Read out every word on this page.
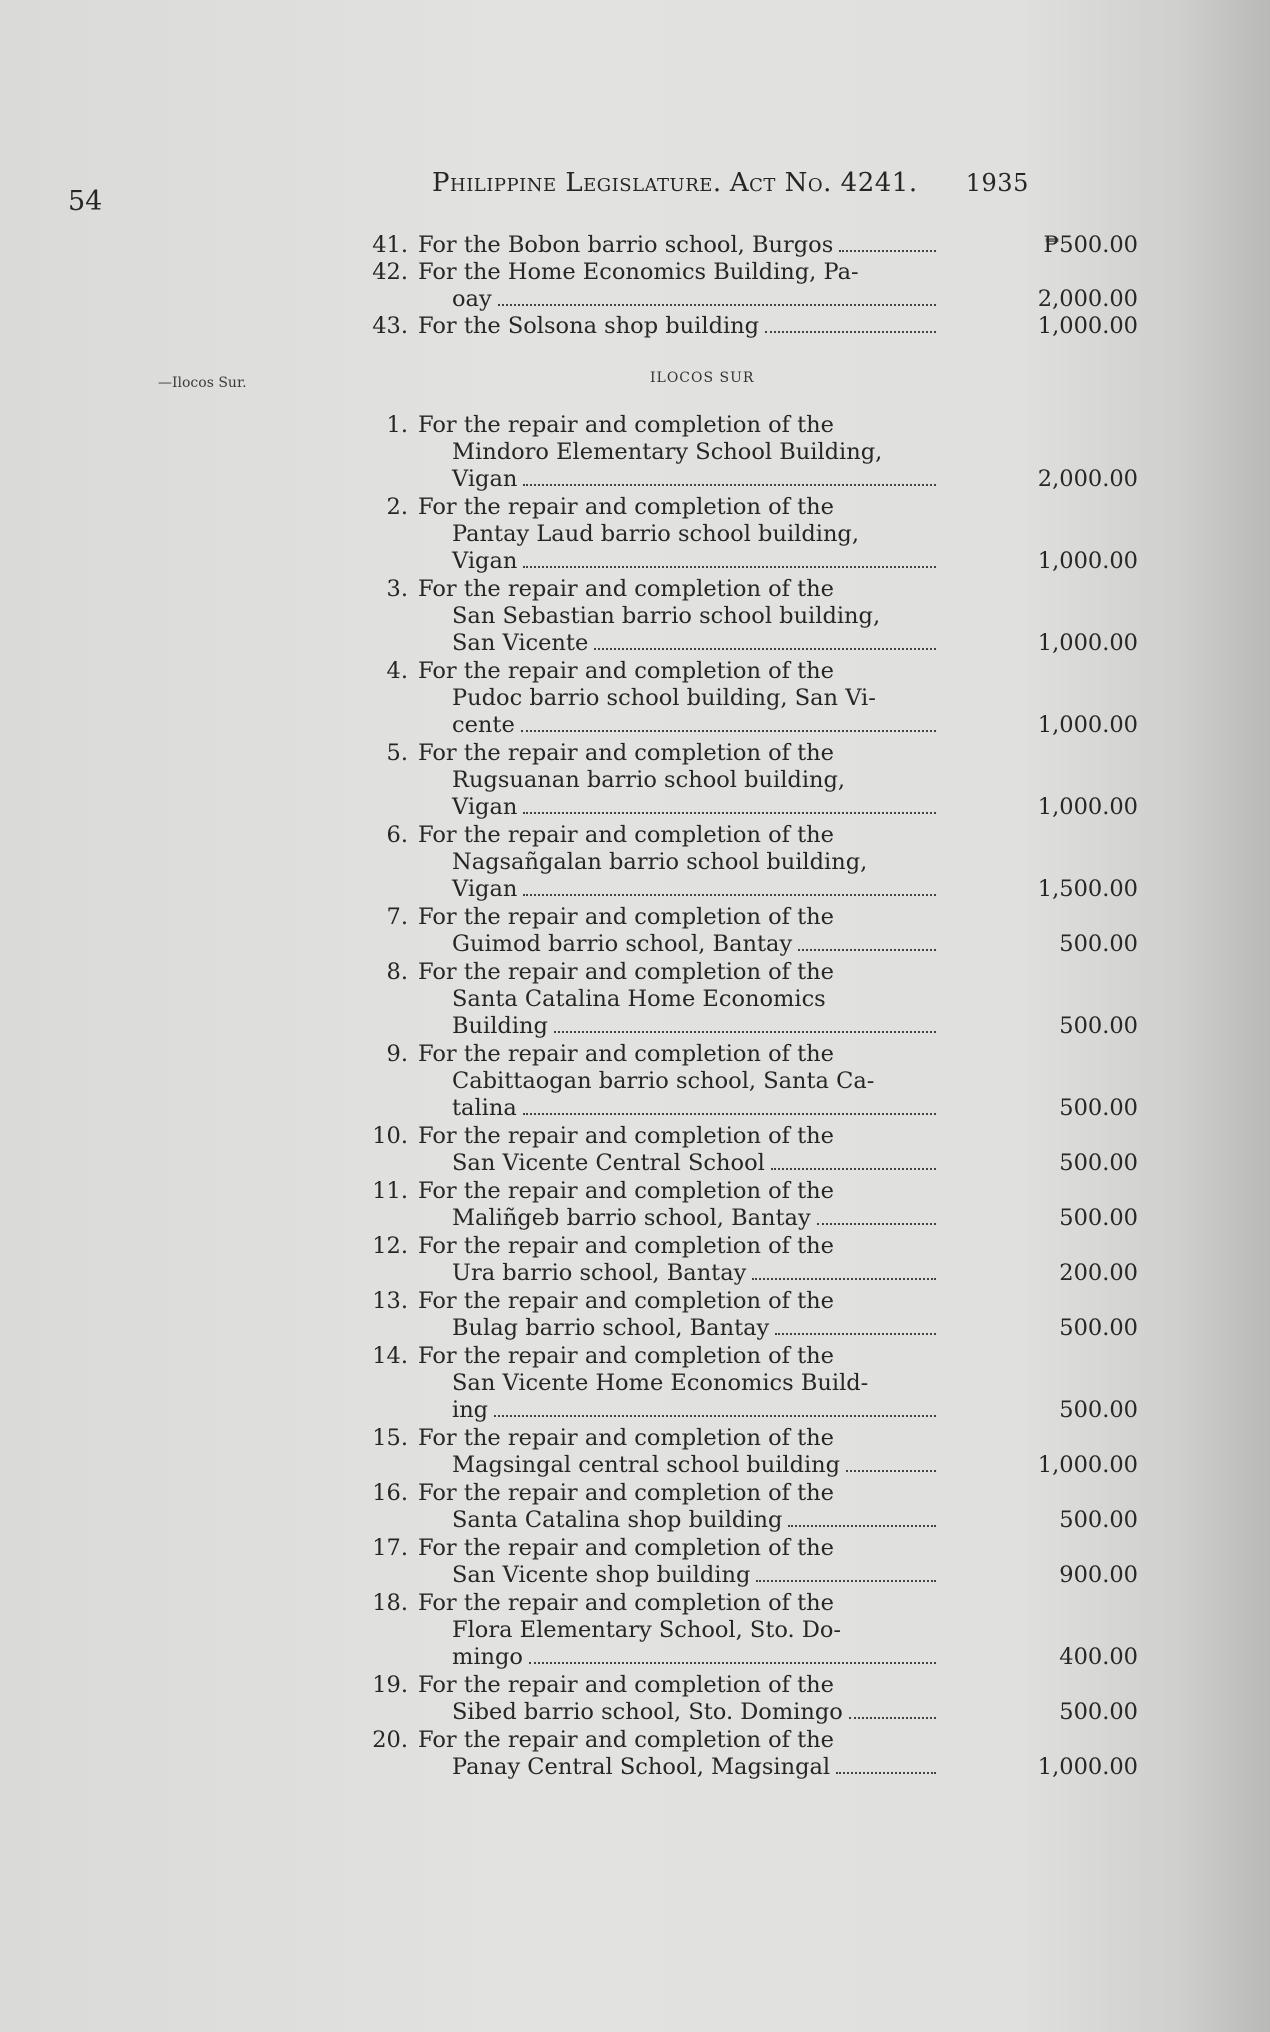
54
Philippine Legislature. Act No. 4241. 1935
—Ilocos Sur.	ILOCOS SUR
41. For the Bobon barrio school, Burgos	₱500.00
42. For the Home Economics Building, Pa-
oay	2,000.00
43. For the Solsona shop building	1,000.00
1. For the repair and completion of the
Mindoro Elementary School Building,
Vigan	2,000.00
2. For the repair and completion of the
Pantay Laud barrio school building,
Vigan	1,000.00
3. For the repair and completion of the
San Sebastian barrio school building,
San Vicente	1,000.00
4. For the repair and completion of the
Pudoc barrio school building, San Vi-
cente	1,000.00
5. For the repair and completion of the
Rugsuanan barrio school building,
Vigan	1,000.00
6. For the repair and completion of the
Nagsañgalan barrio school building,
Vigan	1,500.00
7. For the repair and completion of the
Guimod barrio school, Bantay	500.00
8. For the repair and completion of the
Santa Catalina Home Economics
Building	500.00
9. For the repair and completion of the
Cabittaogan barrio school, Santa Ca-
talina	500.00
10. For the repair and completion of the
San Vicente Central School	500.00
11. For the repair and completion of the
Maliñgeb barrio school, Bantay	500.00
12. For the repair and completion of the
Ura barrio school, Bantay	200.00
13. For the repair and completion of the
Bulag barrio school, Bantay	500.00
14. For the repair and completion of the
San Vicente Home Economics Build-
ing	500.00
15. For the repair and completion of the
Magsingal central school building	1,000.00
16. For the repair and completion of the
Santa Catalina shop building	500.00
17. For the repair and completion of the
San Vicente shop building	900.00
18. For the repair and completion of the
Flora Elementary School, Sto. Do-
mingo	400.00
19. For the repair and completion of the
Sibed barrio school, Sto. Domingo	500.00
20. For the repair and completion of the
Panay Central School, Magsingal	1,000.00
